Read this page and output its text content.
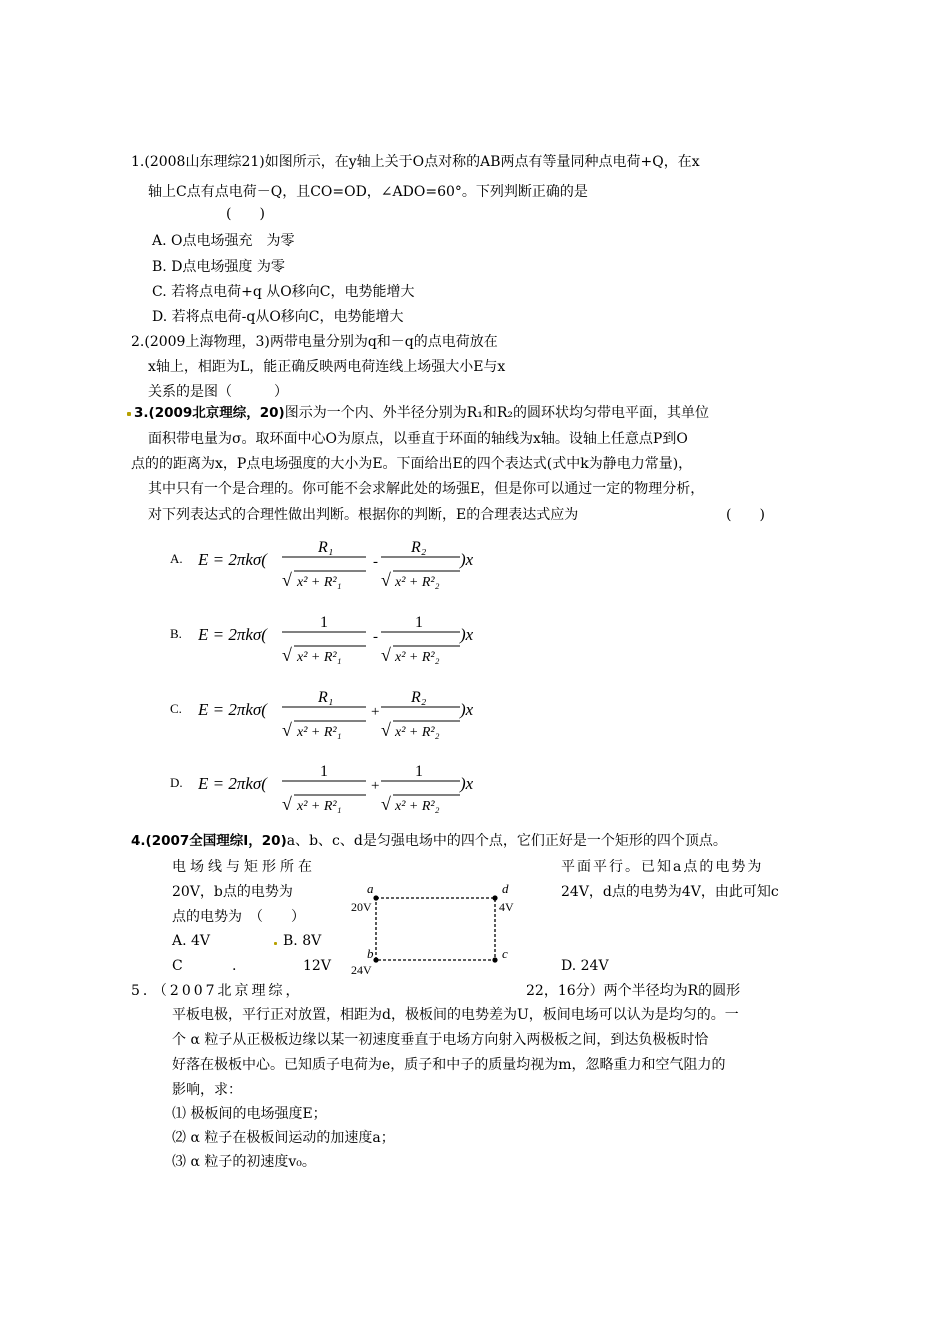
1.(2008山东理综21)如图所示，在y轴上关于O点对称的AB两点有等量同种点电荷+Q，在x
轴上C点有点电荷－Q，且CO=OD，∠ADO=60°。下列判断正确的是
(　　)
A. O点电场强充　为零
B. D点电场强度 为零
C. 若将点电荷+q 从O移向C，电势能增大
D. 若将点电荷-q从O移向C，电势能增大
2.(2009上海物理，3)两带电量分别为q和－q的点电荷放在
x轴上，相距为L，能正确反映两电荷连线上场强大小E与x
关系的是图（　　　）
3.(2009北京理综，20)图示为一个内、外半径分别为R₁和R₂的圆环状均匀带电平面，其单位
面积带电量为σ。取环面中心O为原点，以垂直于环面的轴线为x轴。设轴上任意点P到O
点的的距离为x，P点电场强度的大小为E。下面给出E的四个表达式(式中k为静电力常量)，
其中只有一个是合理的。你可能不会求解此处的场强E，但是你可以通过一定的物理分析，
对下列表达式的合理性做出判断。根据你的判断，E的合理表达式应为	(　　)
A. E = 2πkσ(
R₁
√ x² + R²₁
-
R₂
√ x² + R²₂
)x
B. E = 2πkσ(
1
√ x² + R²₁
-
1
√ x² + R²₂
)x
C. E = 2πkσ(
R₁
√ x² + R²₁
+
R₂
√ x² + R²₂
)x
D. E = 2πkσ(
1
√ x² + R²₁
+
1
√ x² + R²₂
)x
4.(2007全国理综Ⅰ，20)a、b、c、d是匀强电场中的四个点，它们正好是一个矩形的四个顶点。
电场线与矩形所在
20V，b点的电势为
点的电势为　（　　）
平面平行。已知a点的电势为
24V，d点的电势为4V，由此可知c
A. 4V	B. 8V
C	.	12V	D. 24V
a
20V
d
4V
b
24V
c
5．（2007北京理综，	22，16分）两个半径均为R的圆形
平板电极，平行正对放置，相距为d，极板间的电势差为U，板间电场可以认为是均匀的。一
个 α 粒子从正极板边缘以某一初速度垂直于电场方向射入两极板之间，到达负极板时恰
好落在极板中心。已知质子电荷为e，质子和中子的质量均视为m，忽略重力和空气阻力的
影响，求：
⑴ 极板间的电场强度E；
⑵ α 粒子在极板间运动的加速度a；
⑶ α 粒子的初速度v₀。
